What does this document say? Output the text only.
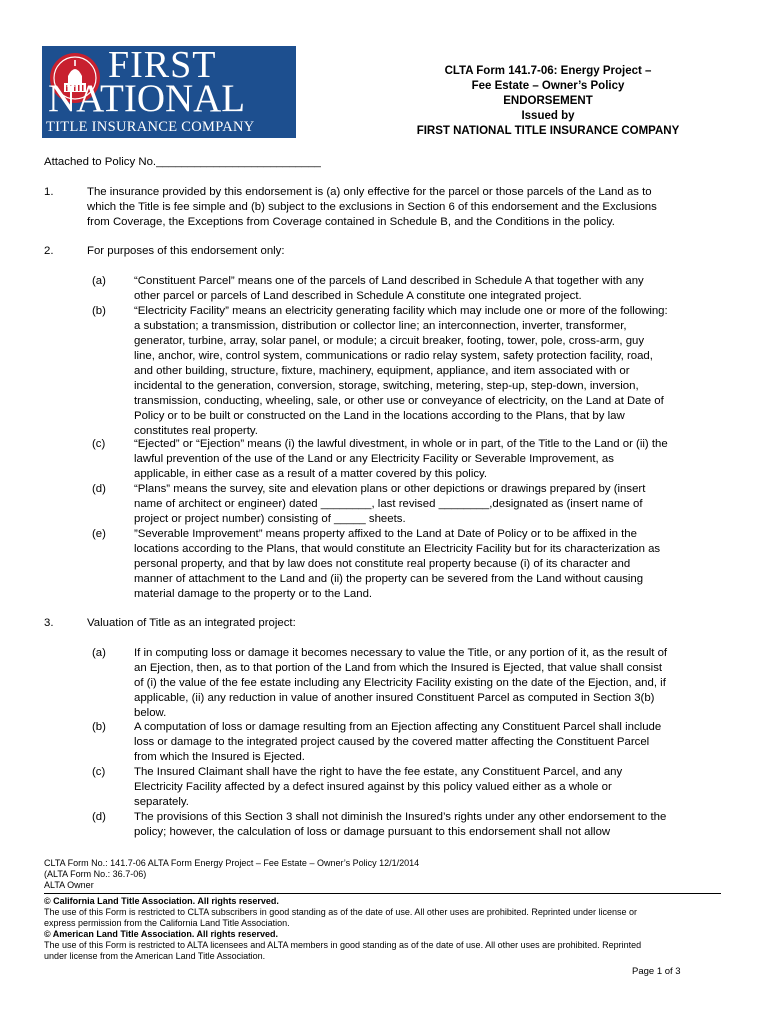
FIRST
NATIONAL
TITLE INSURANCE COMPANY
CLTA Form 141.7-06: Energy Project –
Fee Estate – Owner’s Policy
ENDORSEMENT
Issued by
FIRST NATIONAL TITLE INSURANCE COMPANY
Attached to Policy No.__________________________
1.	The insurance provided by this endorsement is (a) only effective for the parcel or those parcels of the Land as to
which the Title is fee simple and (b) subject to the exclusions in Section 6 of this endorsement and the Exclusions
from Coverage, the Exceptions from Coverage contained in Schedule B, and the Conditions in the policy.
2.	For purposes of this endorsement only:
(a) “Constituent Parcel” means one of the parcels of Land described in Schedule A that together with any
other parcel or parcels of Land described in Schedule A constitute one integrated project.
(b) “Electricity Facility” means an electricity generating facility which may include one or more of the following:
a substation; a transmission, distribution or collector line; an interconnection, inverter, transformer,
generator, turbine, array, solar panel, or module; a circuit breaker, footing, tower, pole, cross-arm, guy
line, anchor, wire, control system, communications or radio relay system, safety protection facility, road,
and other building, structure, fixture, machinery, equipment, appliance, and item associated with or
incidental to the generation, conversion, storage, switching, metering, step-up, step-down, inversion,
transmission, conducting, wheeling, sale, or other use or conveyance of electricity, on the Land at Date of
Policy or to be built or constructed on the Land in the locations according to the Plans, that by law
constitutes real property.
(c)	“Ejected” or “Ejection” means (i) the lawful divestment, in whole or in part, of the Title to the Land or (ii) the
lawful prevention of the use of the Land or any Electricity Facility or Severable Improvement, as
applicable, in either case as a result of a matter covered by this policy.
(d) “Plans” means the survey, site and elevation plans or other depictions or drawings prepared by (insert
name of architect or engineer) dated ________, last revised ________,designated as (insert name of
project or project number) consisting of _____ sheets.
(e) ”Severable Improvement” means property affixed to the Land at Date of Policy or to be affixed in the
locations according to the Plans, that would constitute an Electricity Facility but for its characterization as
personal property, and that by law does not constitute real property because (i) of its character and
manner of attachment to the Land and (ii) the property can be severed from the Land without causing
material damage to the property or to the Land.
3.	Valuation of Title as an integrated project:
(a) If in computing loss or damage it becomes necessary to value the Title, or any portion of it, as the result of
an Ejection, then, as to that portion of the Land from which the Insured is Ejected, that value shall consist
of (i) the value of the fee estate including any Electricity Facility existing on the date of the Ejection, and, if
applicable, (ii) any reduction in value of another insured Constituent Parcel as computed in Section 3(b)
below.
(b) A computation of loss or damage resulting from an Ejection affecting any Constituent Parcel shall include
loss or damage to the integrated project caused by the covered matter affecting the Constituent Parcel
from which the Insured is Ejected.
(c)	The Insured Claimant shall have the right to have the fee estate, any Constituent Parcel, and any
Electricity Facility affected by a defect insured against by this policy valued either as a whole or
separately.
(d) The provisions of this Section 3 shall not diminish the Insured’s rights under any other endorsement to the
policy; however, the calculation of loss or damage pursuant to this endorsement shall not allow
CLTA Form No.: 141.7-06 ALTA Form Energy Project – Fee Estate – Owner’s Policy 12/1/2014
(ALTA Form No.: 36.7-06)
ALTA Owner
© California Land Title Association. All rights reserved.
The use of this Form is restricted to CLTA subscribers in good standing as of the date of use. All other uses are prohibited. Reprinted under license or
express permission from the California Land Title Association.
© American Land Title Association. All rights reserved.
The use of this Form is restricted to ALTA licensees and ALTA members in good standing as of the date of use. All other uses are prohibited. Reprinted
under license from the American Land Title Association.
Page 1 of 3
